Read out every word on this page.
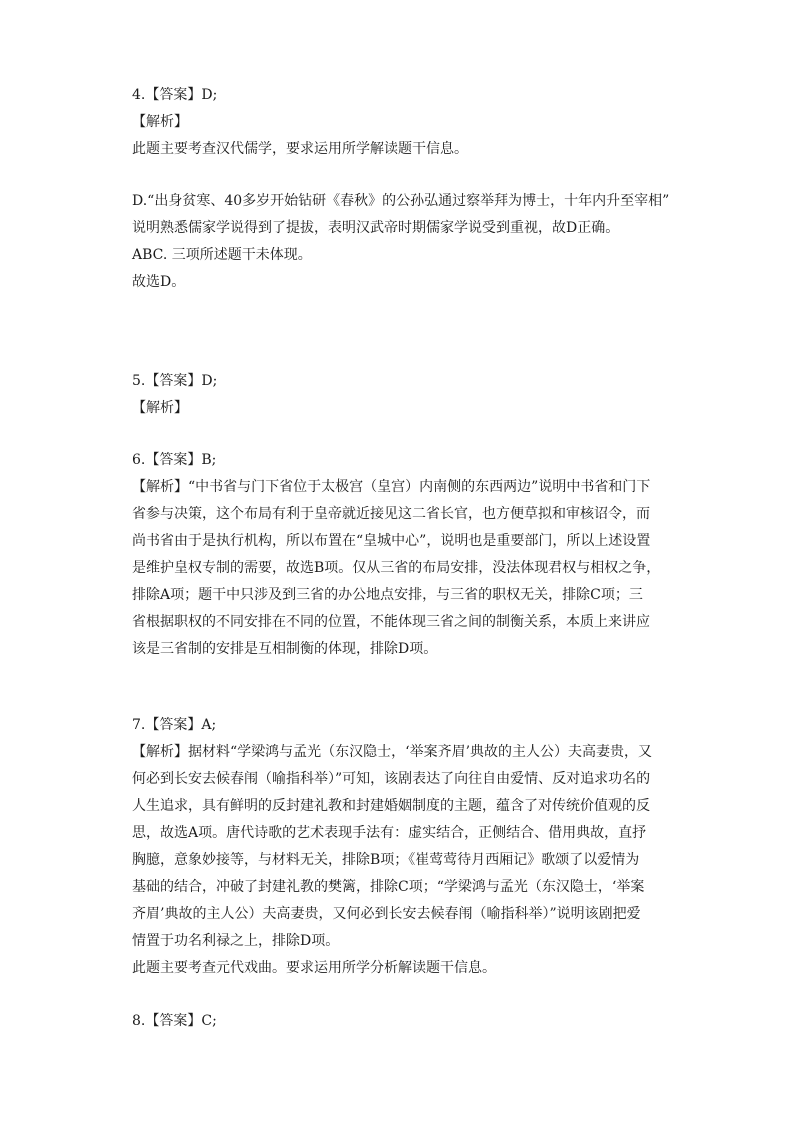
4.【答案】D;
【解析】
此题主要考查汉代儒学，要求运用所学解读题干信息。
D.“出身贫寒、40多岁开始钻研《春秋》的公孙弘通过察举拜为博士，十年内升至宰相”
说明熟悉儒家学说得到了提拔，表明汉武帝时期儒家学说受到重视，故D正确。
ABC. 三项所述题干未体现。
故选D。
5.【答案】D;
【解析】
6.【答案】B;
【解析】“中书省与门下省位于太极宫（皇宫）内南侧的东西两边”说明中书省和门下
省参与决策，这个布局有利于皇帝就近接见这二省长官，也方便草拟和审核诏令，而
尚书省由于是执行机构，所以布置在“皇城中心”，说明也是重要部门，所以上述设置
是维护皇权专制的需要，故选B项。仅从三省的布局安排，没法体现君权与相权之争，
排除A项；题干中只涉及到三省的办公地点安排，与三省的职权无关，排除C项；三
省根据职权的不同安排在不同的位置，不能体现三省之间的制衡关系，本质上来讲应
该是三省制的安排是互相制衡的体现，排除D项。
7.【答案】A;
【解析】据材料“学梁鸿与孟光（东汉隐士，‘举案齐眉’典故的主人公）夫高妻贵，又
何必到长安去候春闱（喻指科举）”可知，该剧表达了向往自由爱情、反对追求功名的
人生追求，具有鲜明的反封建礼教和封建婚姻制度的主题，蕴含了对传统价值观的反
思，故选A项。唐代诗歌的艺术表现手法有：虚实结合，正侧结合、借用典故，直抒
胸臆，意象妙接等，与材料无关，排除B项；《崔莺莺待月西厢记》歌颂了以爱情为
基础的结合，冲破了封建礼教的樊篱，排除C项；“学梁鸿与孟光（东汉隐士，‘举案
齐眉’典故的主人公）夫高妻贵，又何必到长安去候春闱（喻指科举）”说明该剧把爱
情置于功名利禄之上，排除D项。
此题主要考查元代戏曲。要求运用所学分析解读题干信息。
8.【答案】C;
